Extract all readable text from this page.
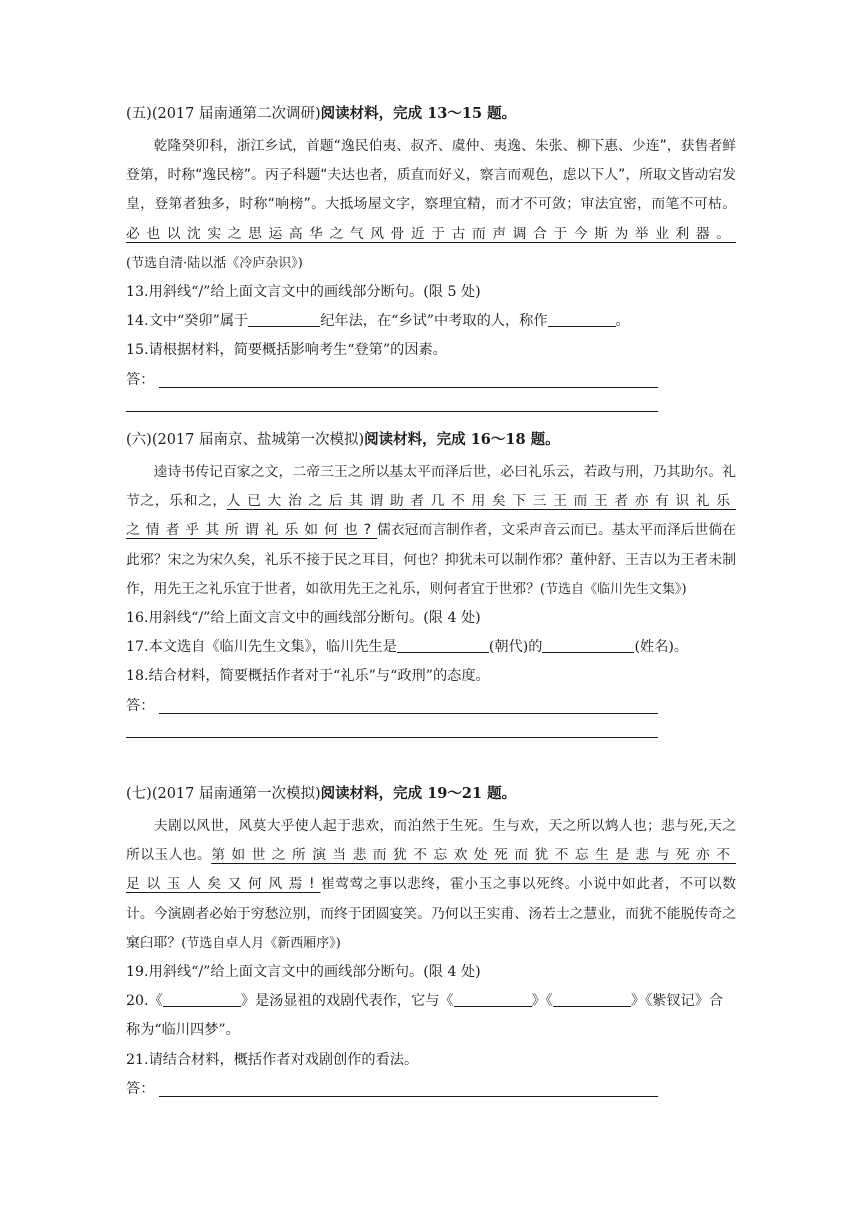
(五)(2017 届南通第二次调研)阅读材料，完成 13～15 题。

乾隆癸卯科，浙江乡试，首题“逸民伯夷、叔齐、虞仲、夷逸、朱张、柳下惠、少连”，获售者鲜登第，时称“逸民榜”。丙子科题“夫达也者，质直而好义，察言而观色，虑以下人”，所取文皆动宕发皇，登第者独多，时称“响榜”。大抵场屋文字，察理宜精，而才不可敛；审法宜密，而笔不可枯。必也以沈实之思运高华之气风骨近于古而声调合于今斯为举业利器。(节选自清·陆以湉《冷庐杂识》)

13.用斜线“/”给上面文言文中的画线部分断句。(限 5 处)
14.文中“癸卯”属于	纪年法，在“乡试”中考取的人，称作	。
15.请根据材料，简要概括影响考生“登第”的因素。
答：
(六)(2017 届南京、盐城第一次模拟)阅读材料，完成 16～18 题。

逵诗书传记百家之文，二帝三王之所以基太平而泽后世，必曰礼乐云，若政与刑，乃其助尔。礼节之，乐和之，人已大治之后其谓助者几不用矣下三王而王者亦有识礼乐之情者乎其所谓礼乐如何也?儒衣冠而言制作者，文采声音云而已。基太平而泽后世倘在此邪？宋之为宋久矣，礼乐不接于民之耳目，何也？抑犹未可以制作邪？董仲舒、王吉以为王者未制作，用先王之礼乐宜于世者，如欲用先王之礼乐，则何者宜于世邪？(节选自《临川先生文集》)

16.用斜线“/”给上面文言文中的画线部分断句。(限 4 处)
17.本文选自《临川先生文集》，临川先生是	(朝代)的	(姓名)。
18.结合材料，简要概括作者对于“礼乐”与“政刑”的态度。
答：
(七)(2017 届南通第一次模拟)阅读材料，完成 19～21 题。

夫剧以风世，风莫大乎使人起于悲欢，而泊然于生死。生与欢，天之所以鸩人也；悲与死,天之所以玉人也。第如世之所演当悲而犹不忘欢处死而犹不忘生是悲与死亦不足以玉人矣又何风焉!崔莺莺之事以悲终，霍小玉之事以死终。小说中如此者，不可以数计。今演剧者必始于穷愁泣别，而终于团圆宴笑。乃何以王实甫、汤若士之慧业，而犹不能脱传奇之窠臼耶？(节选自卓人月《新西厢序》)

19.用斜线“/”给上面文言文中的画线部分断句。(限 4 处)
20.《	》是汤显祖的戏剧代表作，它与《	》《	》《紫钗记》合
称为“临川四梦”。
21.请结合材料，概括作者对戏剧创作的看法。
答：
